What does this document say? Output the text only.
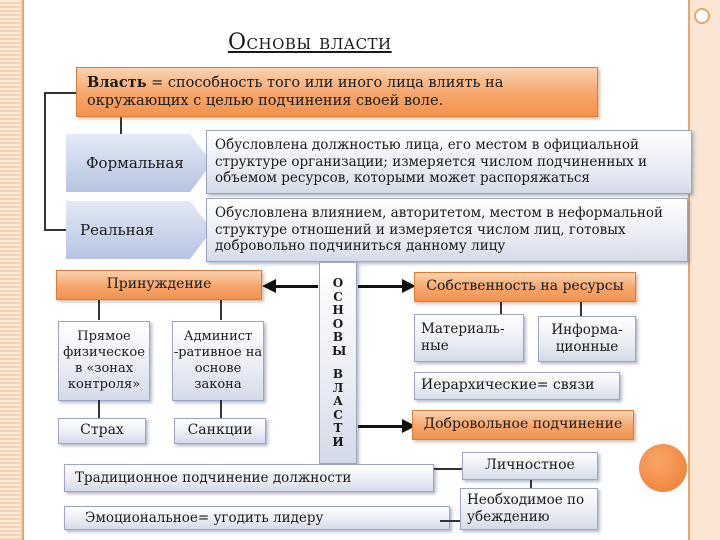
Основы власти
Власть = способность того или иного лица влиять на окружающих с целью подчинения своей воле.
Формальная
Обусловлена должностью лица, его местом в официальной структуре организации; измеряется числом подчиненных и объемом ресурсов, которыми может распоряжаться
Реальная
Обусловлена влиянием, авторитетом, местом в неформальной структуре отношений и измеряется числом лиц, готовых добровольно подчиниться данному лицу
Принуждение
Прямое физическое в «зонах контроля»
Админист -ративное на основе закона
Страх	Санкции
О
С
Н
О
В
Ы
В
Л
А
С
Т
И
Собственность на ресурсы
Материаль- ные
Информа- ционные
Иерархические= связи
Добровольное подчинение
Традиционное подчинение должности
Эмоциональное= угодить лидеру
Личностное
Необходимое по убеждению
